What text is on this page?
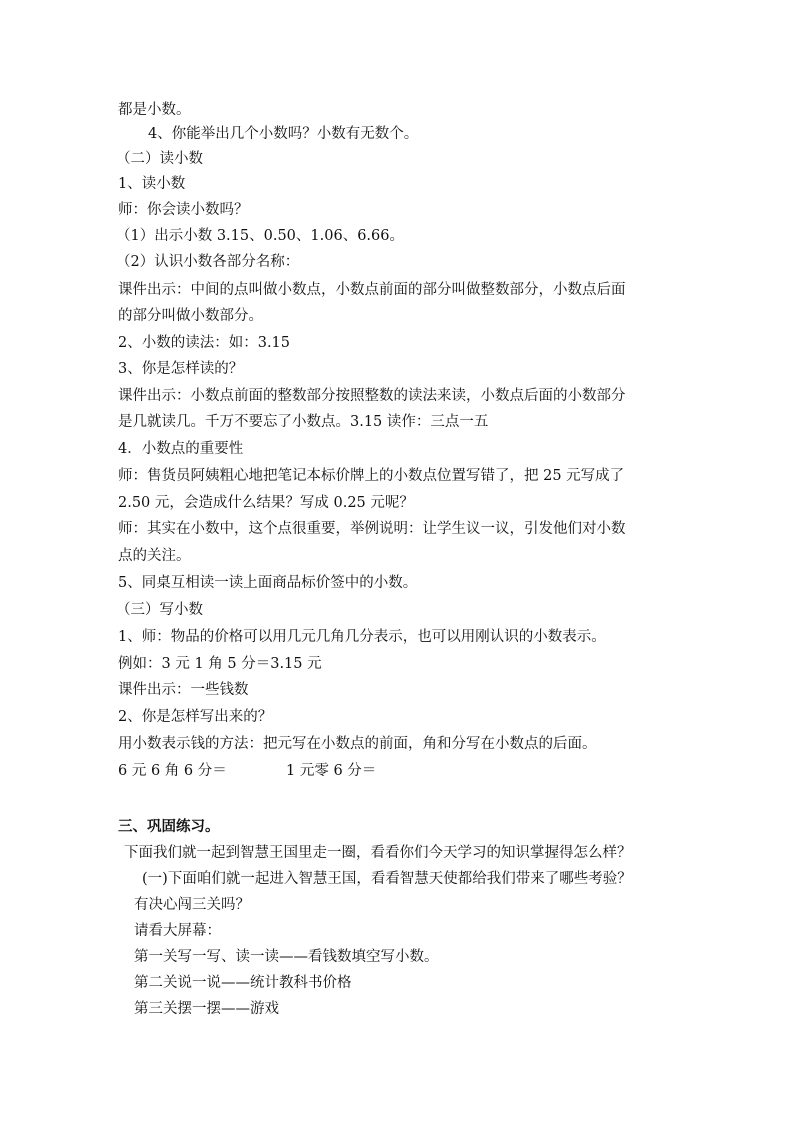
都是小数。
4、你能举出几个小数吗？小数有无数个。
（二）读小数
1、读小数
师：你会读小数吗？
（1）出示小数 3.15、0.50、1.06、6.66。
（2）认识小数各部分名称：
课件出示：中间的点叫做小数点，小数点前面的部分叫做整数部分，小数点后面
的部分叫做小数部分。
2、小数的读法：如：3.15
3、你是怎样读的？
课件出示：小数点前面的整数部分按照整数的读法来读，小数点后面的小数部分
是几就读几。千万不要忘了小数点。3.15 读作：三点一五
4．小数点的重要性
师：售货员阿姨粗心地把笔记本标价牌上的小数点位置写错了，把 25 元写成了
2.50 元，会造成什么结果？写成 0.25 元呢？
师：其实在小数中，这个点很重要，举例说明：让学生议一议，引发他们对小数
点的关注。
5、同桌互相读一读上面商品标价签中的小数。
（三）写小数
1、师：物品的价格可以用几元几角几分表示，也可以用刚认识的小数表示。
例如：3 元 1 角 5 分＝3.15 元
课件出示：一些钱数
2、你是怎样写出来的？
用小数表示钱的方法：把元写在小数点的前面，角和分写在小数点的后面。
6 元 6 角 6 分＝	1 元零 6 分＝
三、巩固练习。
下面我们就一起到智慧王国里走一圈，看看你们今天学习的知识掌握得怎么样？
(一)下面咱们就一起进入智慧王国，看看智慧天使都给我们带来了哪些考验？
有决心闯三关吗？
请看大屏幕：
第一关写一写、读一读——看钱数填空写小数。
第二关说一说——统计教科书价格
第三关摆一摆——游戏
